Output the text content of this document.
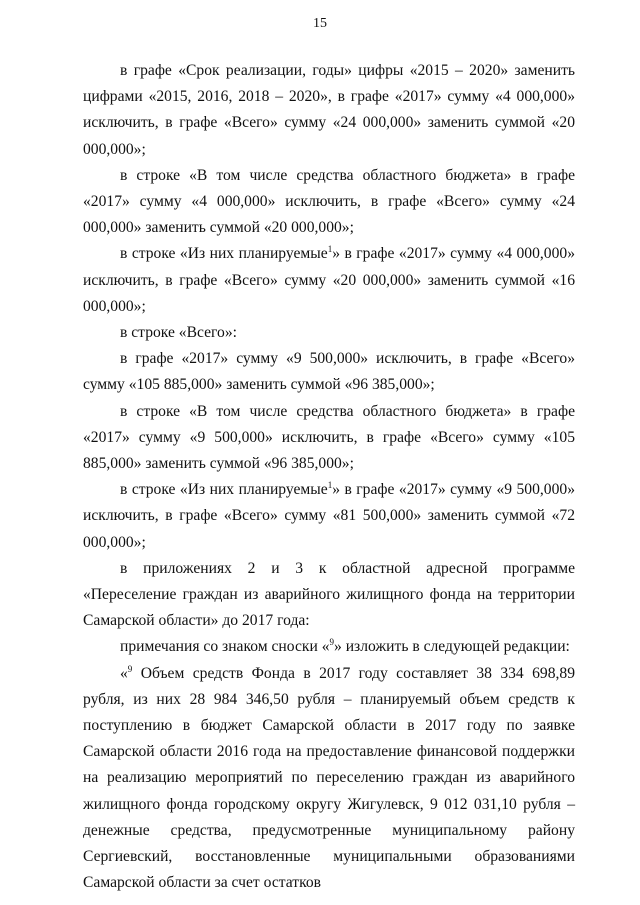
15

в графе «Срок реализации, годы» цифры «2015 – 2020» заменить цифрами «2015, 2016, 2018 – 2020», в графе «2017» сумму «4 000,000» исключить, в графе «Всего» сумму «24 000,000» заменить суммой «20 000,000»;

в строке «В том числе средства областного бюджета» в графе «2017» сумму «4 000,000» исключить, в графе «Всего» сумму «24 000,000» заменить суммой «20 000,000»;

в строке «Из них планируемые$^1$» в графе «2017» сумму «4 000,000» исключить, в графе «Всего» сумму «20 000,000» заменить суммой «16 000,000»;

в строке «Всего»:

в графе «2017» сумму «9 500,000» исключить, в графе «Всего» сумму «105 885,000» заменить суммой «96 385,000»;

в строке «В том числе средства областного бюджета» в графе «2017» сумму «9 500,000» исключить, в графе «Всего» сумму «105 885,000» заменить суммой «96 385,000»;

в строке «Из них планируемые$^1$» в графе «2017» сумму «9 500,000» исключить, в графе «Всего» сумму «81 500,000» заменить суммой «72 000,000»;

в приложениях 2 и 3 к областной адресной программе «Переселение граждан из аварийного жилищного фонда на территории Самарской области» до 2017 года:

примечания со знаком сноски «$^9$» изложить в следующей редакции:

«$^9$ Объем средств Фонда в 2017 году составляет 38 334 698,89 рубля, из них 28 984 346,50 рубля – планируемый объем средств к поступлению в бюджет Самарской области в 2017 году по заявке Самарской области 2016 года на предоставление финансовой поддержки на реализацию мероприятий по переселению граждан из аварийного жилищного фонда городскому округу Жигулевск, 9 012 031,10 рубля – денежные средства, предусмотренные муниципальному району Сергиевский, восстановленные муниципальными образованиями Самарской области за счет остатков
